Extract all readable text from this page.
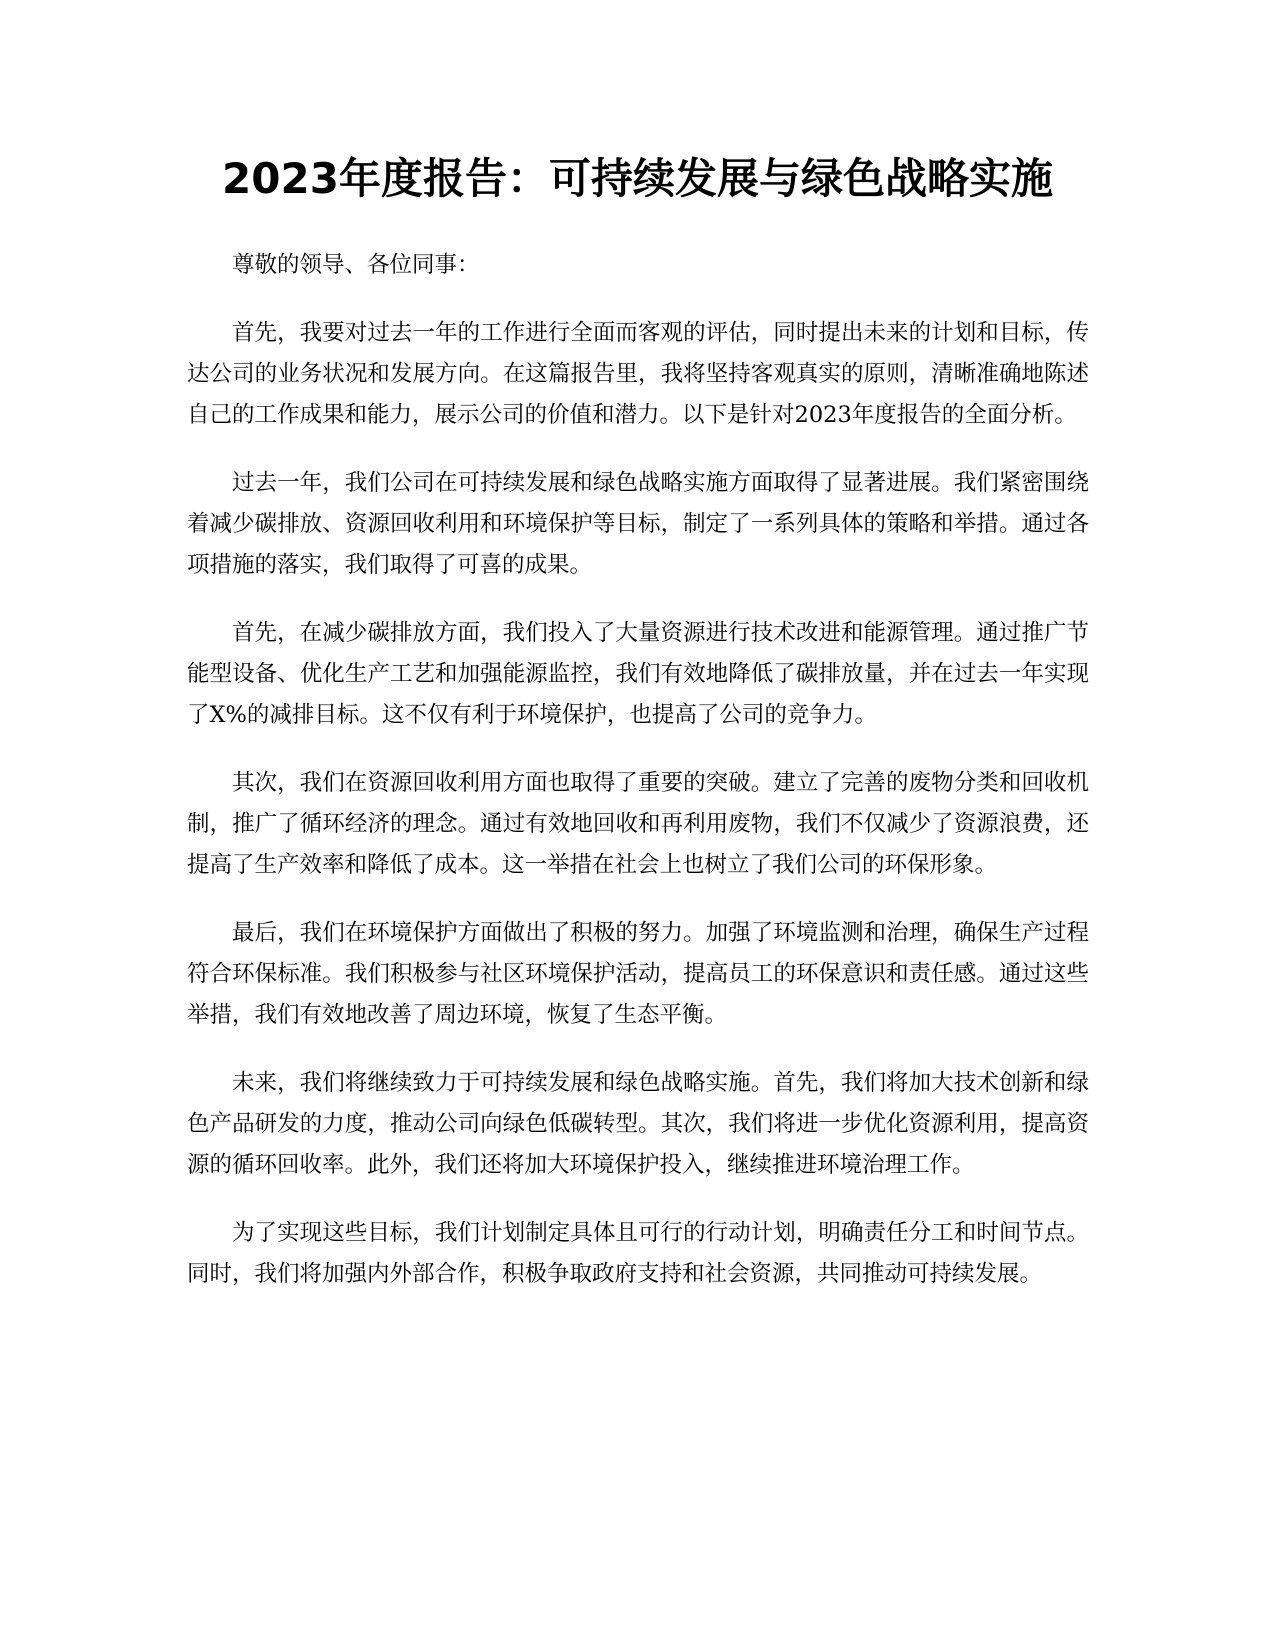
2023年度报告：可持续发展与绿色战略实施

尊敬的领导、各位同事：

首先，我要对过去一年的工作进行全面而客观的评估，同时提出未来的计划和目标，传达公司的业务状况和发展方向。在这篇报告里，我将坚持客观真实的原则，清晰准确地陈述自己的工作成果和能力，展示公司的价值和潜力。以下是针对2023年度报告的全面分析。

过去一年，我们公司在可持续发展和绿色战略实施方面取得了显著进展。我们紧密围绕着减少碳排放、资源回收利用和环境保护等目标，制定了一系列具体的策略和举措。通过各项措施的落实，我们取得了可喜的成果。

首先，在减少碳排放方面，我们投入了大量资源进行技术改进和能源管理。通过推广节能型设备、优化生产工艺和加强能源监控，我们有效地降低了碳排放量，并在过去一年实现了X%的减排目标。这不仅有利于环境保护，也提高了公司的竞争力。

其次，我们在资源回收利用方面也取得了重要的突破。建立了完善的废物分类和回收机制，推广了循环经济的理念。通过有效地回收和再利用废物，我们不仅减少了资源浪费，还提高了生产效率和降低了成本。这一举措在社会上也树立了我们公司的环保形象。

最后，我们在环境保护方面做出了积极的努力。加强了环境监测和治理，确保生产过程符合环保标准。我们积极参与社区环境保护活动，提高员工的环保意识和责任感。通过这些举措，我们有效地改善了周边环境，恢复了生态平衡。

未来，我们将继续致力于可持续发展和绿色战略实施。首先，我们将加大技术创新和绿色产品研发的力度，推动公司向绿色低碳转型。其次，我们将进一步优化资源利用，提高资源的循环回收率。此外，我们还将加大环境保护投入，继续推进环境治理工作。

为了实现这些目标，我们计划制定具体且可行的行动计划，明确责任分工和时间节点。同时，我们将加强内外部合作，积极争取政府支持和社会资源，共同推动可持续发展。
